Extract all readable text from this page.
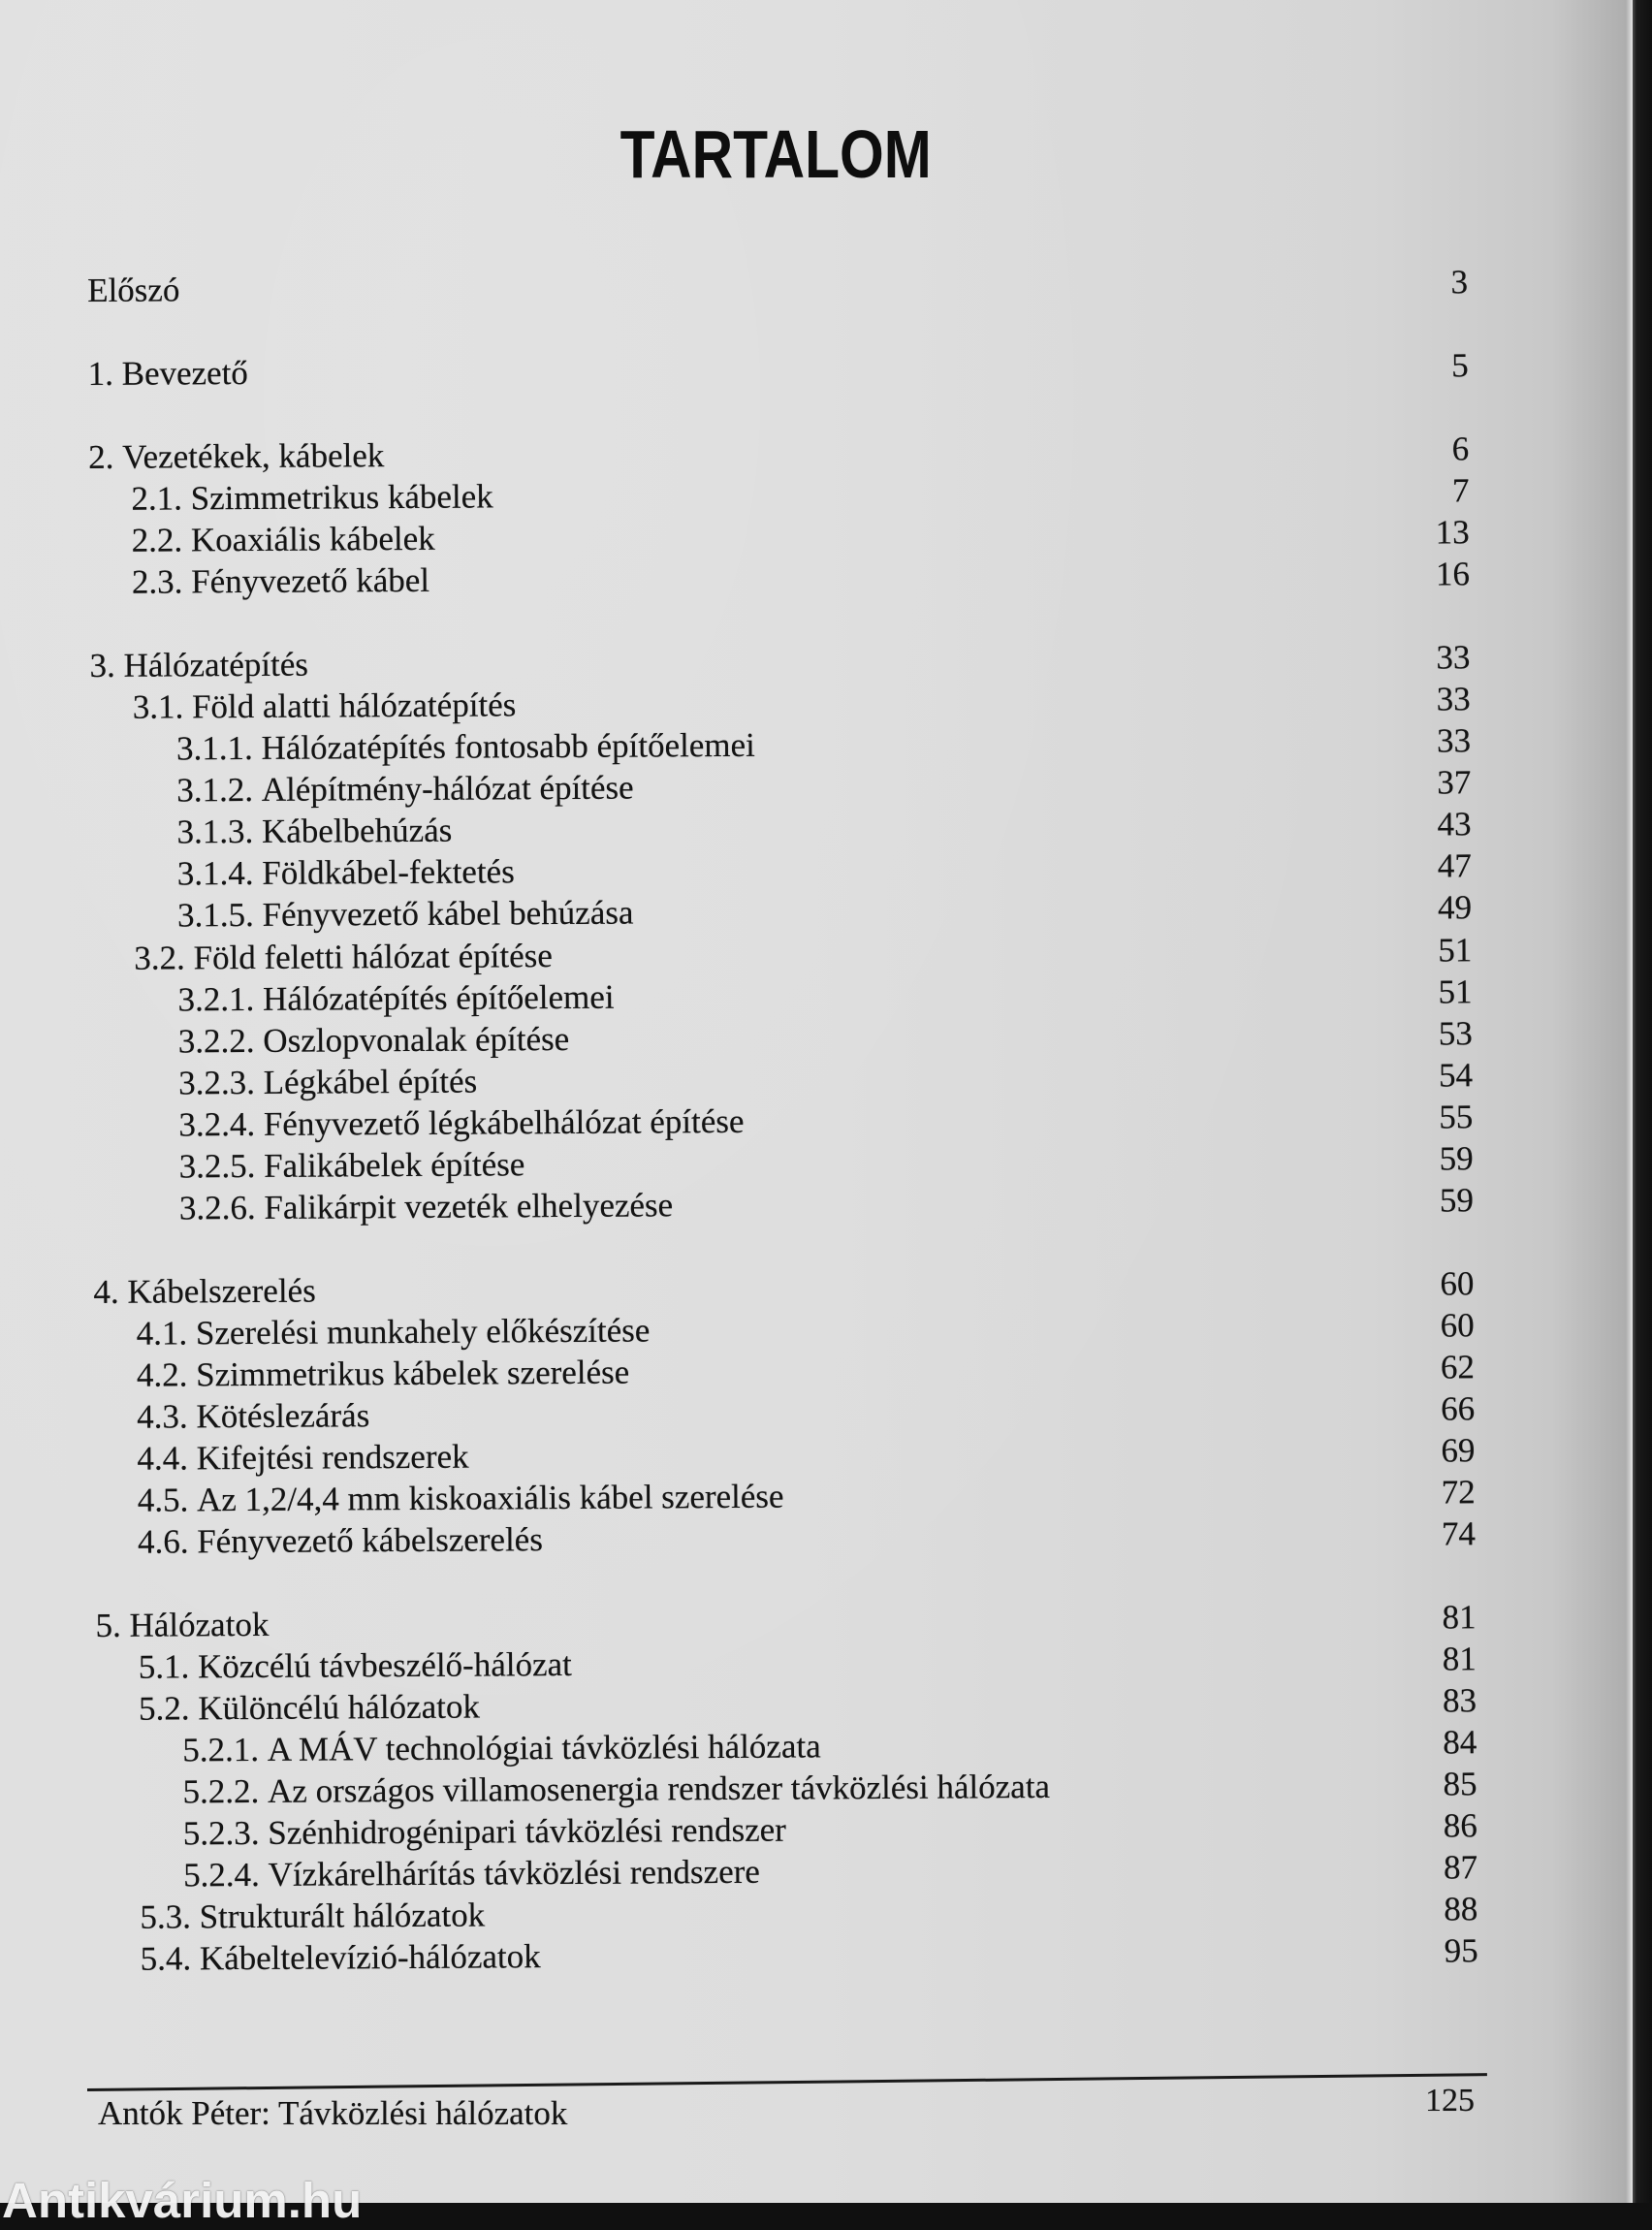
TARTALOM
Előszó	3
1. Bevezető	5
2. Vezetékek, kábelek	6
2.1. Szimmetrikus kábelek	7
2.2. Koaxiális kábelek	13
2.3. Fényvezető kábel	16
3. Hálózatépítés	33
3.1. Föld alatti hálózatépítés	33
3.1.1. Hálózatépítés fontosabb építőelemei	33
3.1.2. Alépítmény-hálózat építése	37
3.1.3. Kábelbehúzás	43
3.1.4. Földkábel-fektetés	47
3.1.5. Fényvezető kábel behúzása	49
3.2. Föld feletti hálózat építése	51
3.2.1. Hálózatépítés építőelemei	51
3.2.2. Oszlopvonalak építése	53
3.2.3. Légkábel építés	54
3.2.4. Fényvezető légkábelhálózat építése	55
3.2.5. Falikábelek építése	59
3.2.6. Falikárpit vezeték elhelyezése	59
4. Kábelszerelés	60
4.1. Szerelési munkahely előkészítése	60
4.2. Szimmetrikus kábelek szerelése	62
4.3. Kötéslezárás	66
4.4. Kifejtési rendszerek	69
4.5. Az 1,2/4,4 mm kiskoaxiális kábel szerelése	72
4.6. Fényvezető kábelszerelés	74
5. Hálózatok	81
5.1. Közcélú távbeszélő-hálózat	81
5.2. Különcélú hálózatok	83
5.2.1. A MÁV technológiai távközlési hálózata	84
5.2.2. Az országos villamosenergia rendszer távközlési hálózata	85
5.2.3. Szénhidrogénipari távközlési rendszer	86
5.2.4. Vízkárelhárítás távközlési rendszere	87
5.3. Strukturált hálózatok	88
5.4. Kábeltelevízió-hálózatok	95
Antók Péter: Távközlési hálózatok	125
Antikvárium.hu
